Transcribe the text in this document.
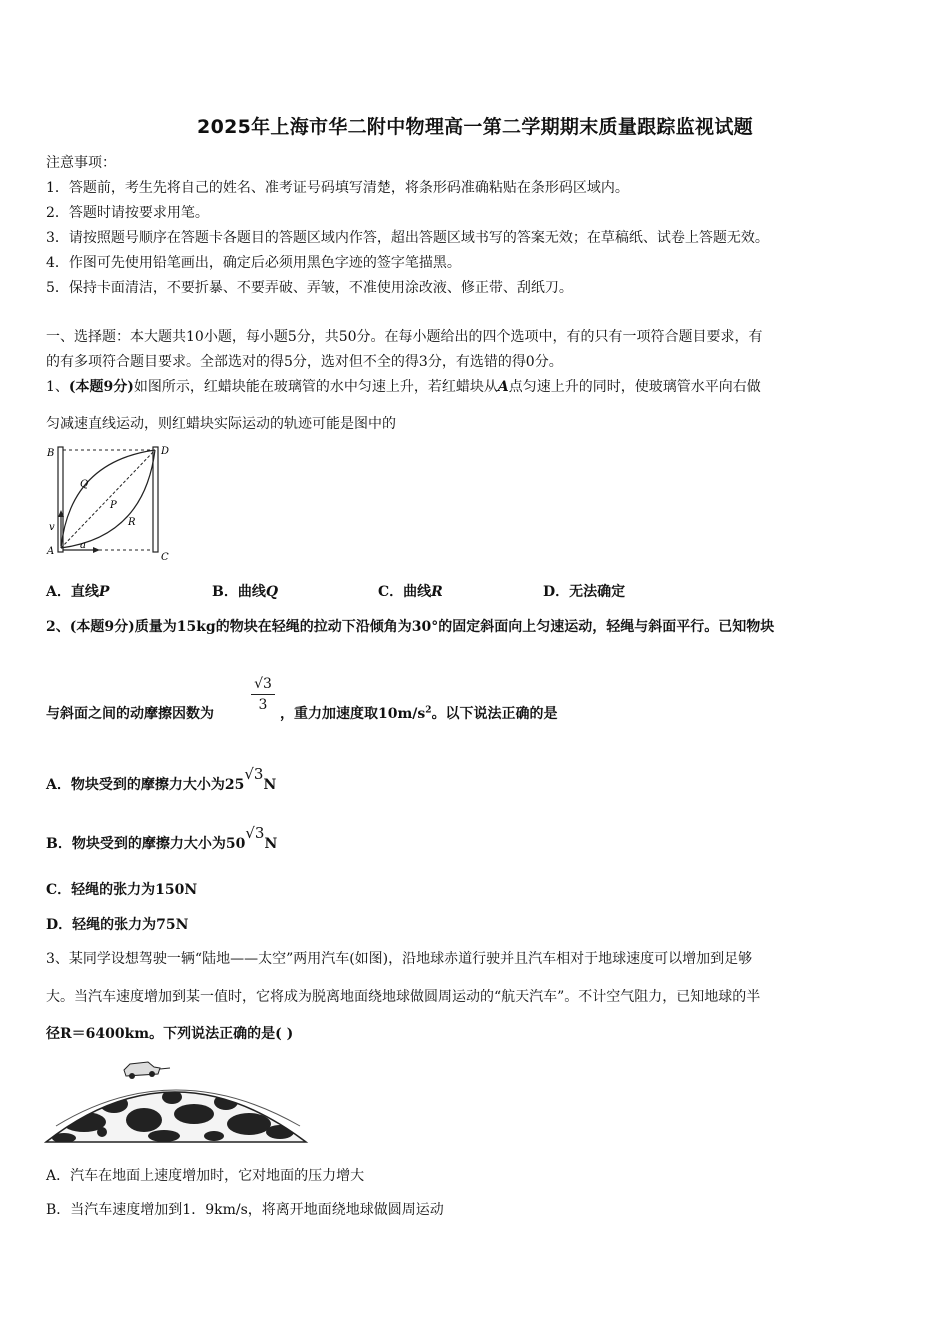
2025年上海市华二附中物理高一第二学期期末质量跟踪监视试题
注意事项：
1．答题前，考生先将自己的姓名、准考证号码填写清楚，将条形码准确粘贴在条形码区域内。
2．答题时请按要求用笔。
3．请按照题号顺序在答题卡各题目的答题区域内作答，超出答题区域书写的答案无效；在草稿纸、试卷上答题无效。
4．作图可先使用铅笔画出，确定后必须用黑色字迹的签字笔描黑。
5．保持卡面清洁，不要折暴、不要弄破、弄皱，不准使用涂改液、修正带、刮纸刀。
一、选择题：本大题共10小题，每小题5分，共50分。在每小题给出的四个选项中，有的只有一项符合题目要求，有
的有多项符合题目要求。全部选对的得5分，选对但不全的得3分，有选错的得0分。
1、(本题9分)如图所示，红蜡块能在玻璃管的水中匀速上升，若红蜡块从A点匀速上升的同时，使玻璃管水平向右做
匀减速直线运动，则红蜡块实际运动的轨迹可能是图中的
B	D
Q
P
R
v
A
a
C
A．直线P	B．曲线Q	C．曲线R	D．无法确定
2、(本题9分)质量为15kg的物块在轻绳的拉动下沿倾角为30°的固定斜面向上匀速运动，轻绳与斜面平行。已知物块
与斜面之间的动摩擦因数为
√3
3
，重力加速度取$10m/s^2$。以下说法正确的是
A．物块受到的摩擦力大小为25√3N
B．物块受到的摩擦力大小为50√3N
C．轻绳的张力为150N
D．轻绳的张力为75N
3、某同学设想驾驶一辆“陆地——太空”两用汽车(如图)，沿地球赤道行驶并且汽车相对于地球速度可以增加到足够
大。当汽车速度增加到某一值时，它将成为脱离地面绕地球做圆周运动的“航天汽车”。不计空气阻力，已知地球的半
径R＝6400km。下列说法正确的是( )
A．汽车在地面上速度增加时，它对地面的压力增大
B．当汽车速度增加到1．9km/s，将离开地面绕地球做圆周运动
